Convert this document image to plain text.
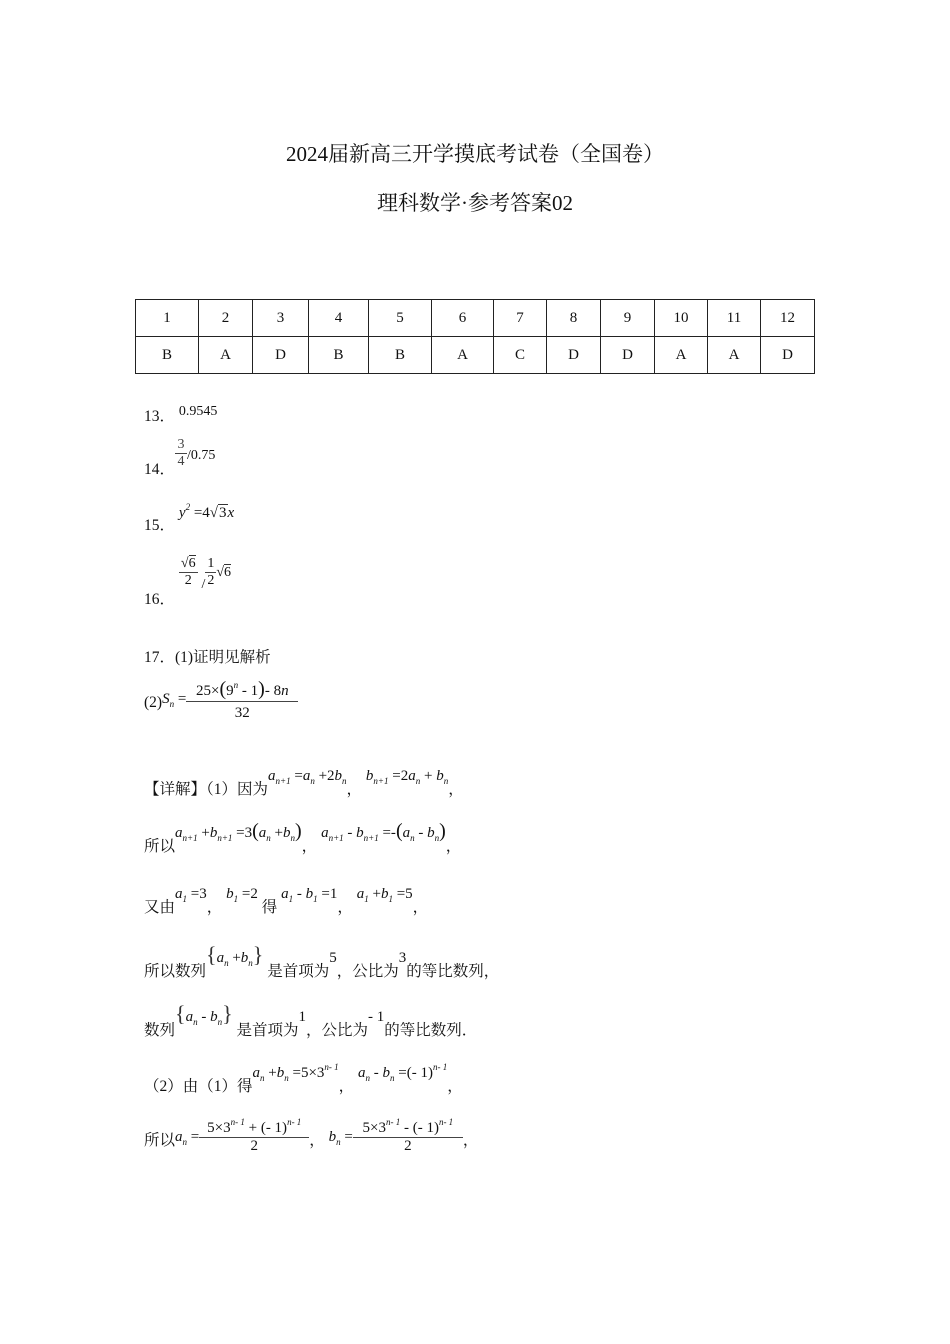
2024届新高三开学摸底考试卷（全国卷）
理科数学·参考答案02
1	2	3	4	5	6	7	8	9	10	11	12
B	A	D	B	B	A	C	D	D	A	A	D
13． 0.9545
14． $\frac{3}{4} /0.75$
15． $y^2 =4√3x$
16．
$\frac{√6}{2} / \frac{1}{2} √6$
17．(1)证明见解析
$(2)S_n = \frac{25\times(9^n - 1)- 8n}{32}$
【详解】（1）因为$a_{n+1} =a_n +2b_n$， $b_{n+1} =2a_n + b_n$，
所以$a_{n+1} +b_{n+1} =3(a_n +b_n)$， $a_{n+1} - b_{n+1} =-(a_n - b_n)$，
又由$a_1 =3$， $b_1 =2$ 得 $a_1 - b_1 =1$， $a_1 +b_1 =5$，
所以数列$\{a_n +b_n\}$ 是首项为5，公比为3的等比数列，
数列$\{a_n - b_n\}$ 是首项为1，公比为- 1的等比数列．
（2）由（1）得$a_n +b_n =5\times 3^{n- 1}$， $a_n - b_n$ =(- 1)$^{n- 1}$，
所以$a_n = \frac{5\times 3^{n- 1} + (- 1)^{n- 1}}{2}$ ， $b_n = \frac{5\times 3^{n- 1} - (- 1)^{n- 1}}{2}$ ，
